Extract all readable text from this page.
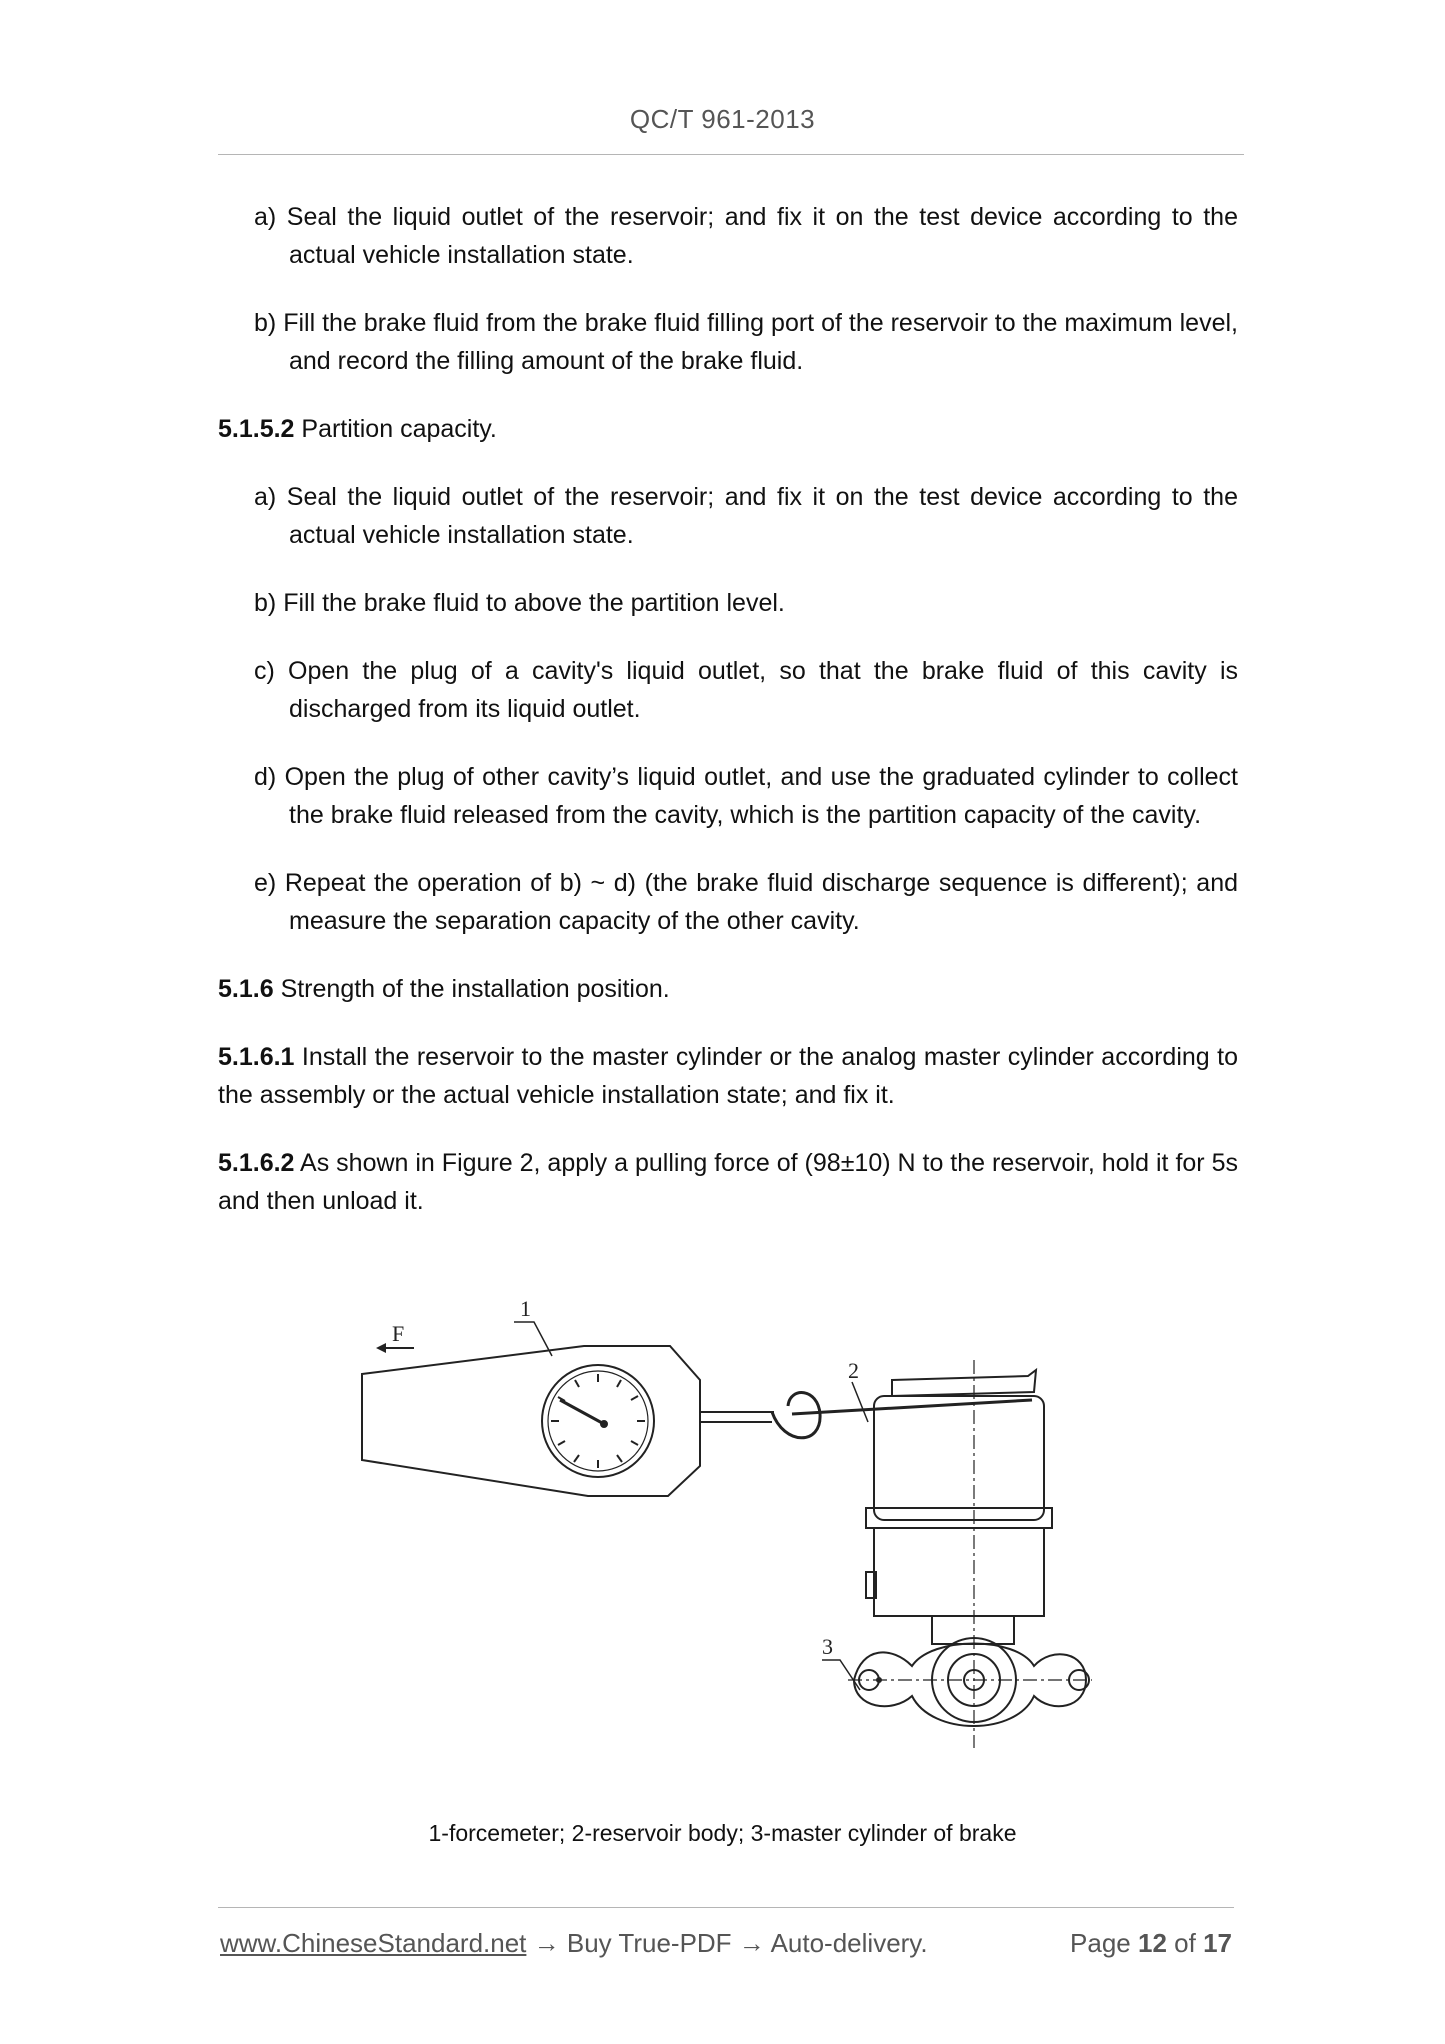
QC/T 961-2013

a) Seal the liquid outlet of the reservoir; and fix it on the test device according to the actual vehicle installation state.

b) Fill the brake fluid from the brake fluid filling port of the reservoir to the maximum level, and record the filling amount of the brake fluid.

5.1.5.2 Partition capacity.

a) Seal the liquid outlet of the reservoir; and fix it on the test device according to the actual vehicle installation state.

b) Fill the brake fluid to above the partition level.

c) Open the plug of a cavity's liquid outlet, so that the brake fluid of this cavity is discharged from its liquid outlet.

d) Open the plug of other cavity’s liquid outlet, and use the graduated cylinder to collect the brake fluid released from the cavity, which is the partition capacity of the cavity.

e) Repeat the operation of b) ~ d) (the brake fluid discharge sequence is different); and measure the separation capacity of the other cavity.

5.1.6 Strength of the installation position.

5.1.6.1 Install the reservoir to the master cylinder or the analog master cylinder according to the assembly or the actual vehicle installation state; and fix it.

5.1.6.2 As shown in Figure 2, apply a pulling force of (98±10) N to the reservoir, hold it for 5s and then unload it.

F
1
2
3
1-forcemeter; 2-reservoir body; 3-master cylinder of brake
www.ChineseStandard.net → Buy True-PDF → Auto-delivery.	Page 12 of 17
